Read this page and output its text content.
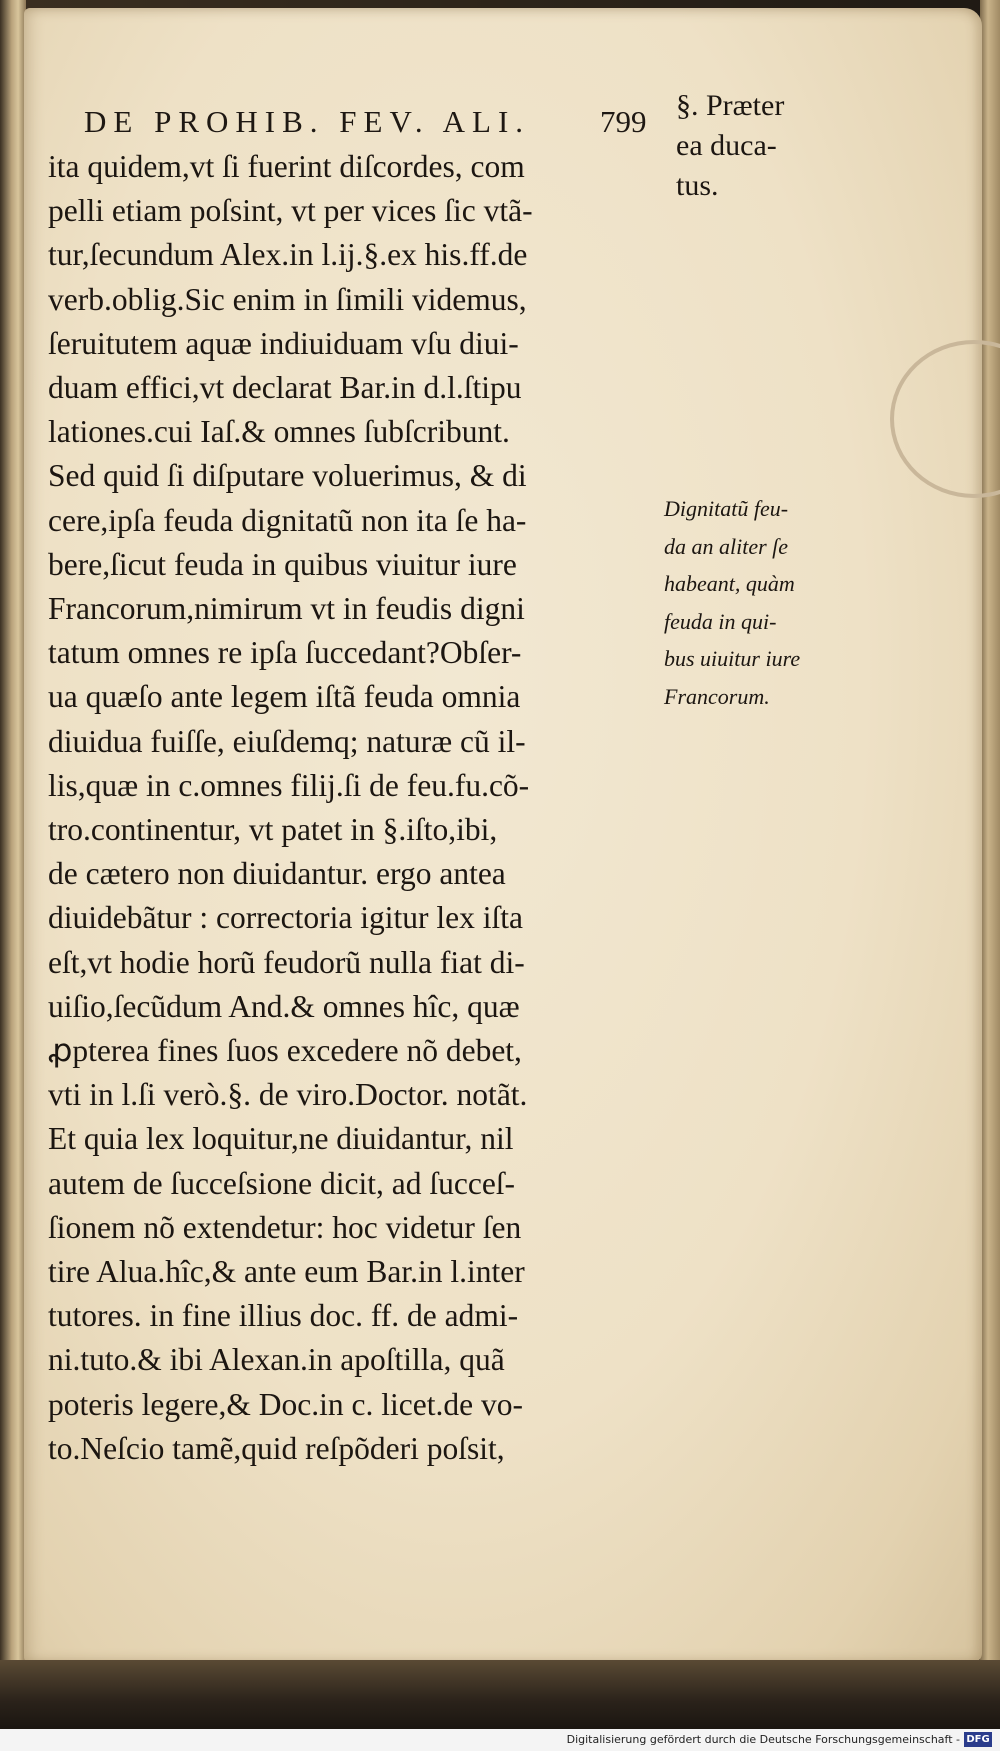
DE PROHIB. FEV. ALI. 799 §. Præter
ea duca-
tus.
Dignitatũ feu-
da an aliter ſe
habeant, quàm
feuda in qui-
bus uiuitur iure
Francorum.
ita quidem,vt ſi fuerint diſcordes, com
pelli etiam poſsint, vt per vices ſic vtã-
tur,ſecundum Alex.in l.ij.§.ex his.ff.de
verb.oblig.Sic enim in ſimili videmus,
ſeruitutem aquæ indiuiduam vſu diui-
duam effici,vt declarat Bar.in d.l.ſtipu
lationes.cui Iaſ.& omnes ſubſcribunt.
Sed quid ſi diſputare voluerimus, & di
cere,ipſa feuda dignitatũ non ita ſe ha-
bere,ſicut feuda in quibus viuitur iure
Francorum,nimirum vt in feudis digni
tatum omnes re ipſa ſuccedant?Obſer-
ua quæſo ante legem iſtã feuda omnia
diuidua fuiſſe, eiuſdemq; naturæ cũ il-
lis,quæ in c.omnes filij.ſi de feu.fu.cõ-
tro.continentur, vt patet in §.iſto,ibi,
de cætero non diuidantur. ergo antea
diuidebãtur : correctoria igitur lex iſta
eſt,vt hodie horũ feudorũ nulla fiat di-
uiſio,ſecũdum And.& omnes hîc, quæ
ꝓpterea fines ſuos excedere nõ debet,
vti in l.ſi verò.§. de viro.Doctor. notãt.
Et quia lex loquitur,ne diuidantur, nil
autem de ſucceſsione dicit, ad ſucceſ-
ſionem nõ extendetur: hoc videtur ſen
tire Alua.hîc,& ante eum Bar.in l.inter
tutores. in fine illius doc. ff. de admi-
ni.tuto.& ibi Alexan.in apoſtilla, quã
poteris legere,& Doc.in c. licet.de vo-
to.Neſcio tamẽ,quid reſpõderi poſsit,
Digitalisierung gefördert durch die Deutsche Forschungsgemeinschaft - DFG
